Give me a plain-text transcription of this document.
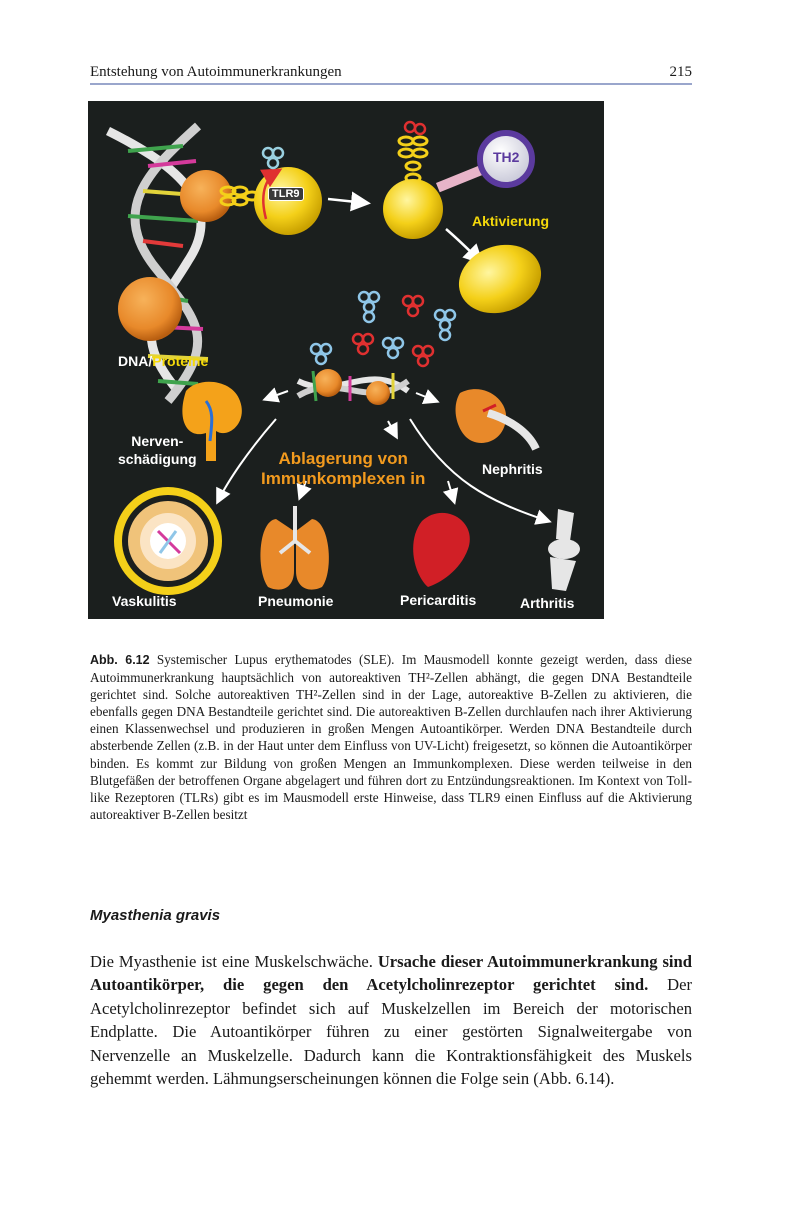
Entstehung von Autoimmunerkrankungen	215
TLR9
TH2
Aktivierung
DNA/Proteine
Nerven-
schädigung	Ablagerung von
Immunkomplexen in	Nephritis
Vaskulitis	Pneumonie	Pericarditis	Arthritis
Abb. 6.12 Systemischer Lupus erythematodes (SLE). Im Mausmodell konnte gezeigt werden, dass diese Autoimmunerkrankung hauptsächlich von autoreaktiven TH²-Zellen abhängt, die gegen DNA Bestandteile gerichtet sind. Solche autoreaktiven TH²-Zellen sind in der Lage, autoreaktive B-Zellen zu aktivieren, die ebenfalls gegen DNA Bestandteile gerichtet sind. Die autoreaktiven B-Zellen durchlaufen nach ihrer Aktivierung einen Klassenwechsel und produzieren in großen Mengen Autoantikörper. Werden DNA Bestandteile durch absterbende Zellen (z.B. in der Haut unter dem Einfluss von UV-Licht) freigesetzt, so können die Autoantikörper binden. Es kommt zur Bildung von großen Mengen an Immunkomplexen. Diese werden teilweise in den Blutgefäßen der betroffenen Organe abgelagert und führen dort zu Entzündungsreaktionen. Im Kontext von Toll-like Rezeptoren (TLRs) gibt es im Mausmodell erste Hinweise, dass TLR9 einen Einfluss auf die Aktivierung autoreaktiver B-Zellen besitzt
Myasthenia gravis
Die Myasthenie ist eine Muskelschwäche. Ursache dieser Autoimmunerkrankung sind Autoantikörper, die gegen den Acetylcholinrezeptor gerichtet sind. Der Acetylcholinrezeptor befindet sich auf Muskelzellen im Bereich der motorischen Endplatte. Die Autoantikörper führen zu einer gestörten Signalweitergabe von Nervenzelle an Muskelzelle. Dadurch kann die Kontraktionsfähigkeit des Muskels gehemmt werden. Lähmungserscheinungen können die Folge sein (Abb. 6.14).
